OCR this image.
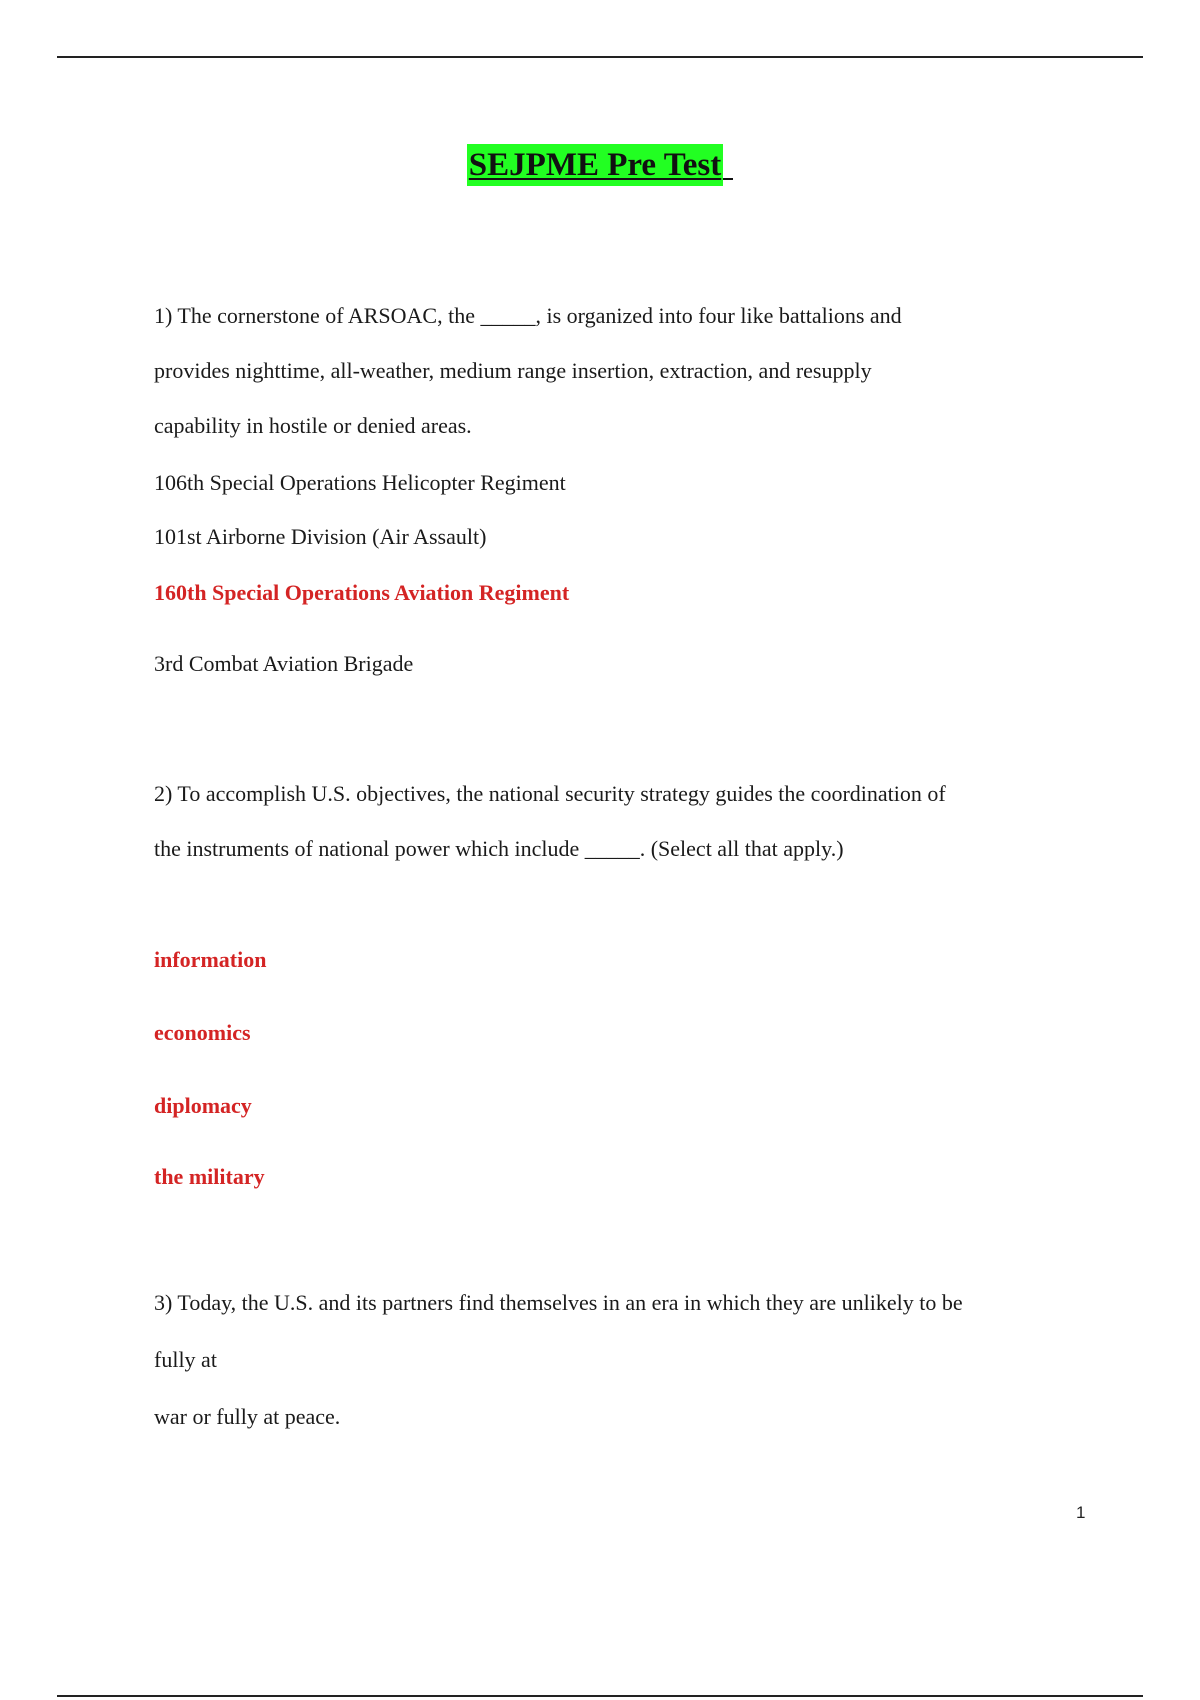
SEJPME Pre Test
1) The cornerstone of ARSOAC, the _____, is organized into four like battalions and
provides nighttime, all-weather, medium range insertion, extraction, and resupply
capability in hostile or denied areas.
106th Special Operations Helicopter Regiment
101st Airborne Division (Air Assault)
160th Special Operations Aviation Regiment
3rd Combat Aviation Brigade
2) To accomplish U.S. objectives, the national security strategy guides the coordination of
the instruments of national power which include _____. (Select all that apply.)
information
economics
diplomacy
the military
3) Today, the U.S. and its partners find themselves in an era in which they are unlikely to be
fully at
war or fully at peace.
1
